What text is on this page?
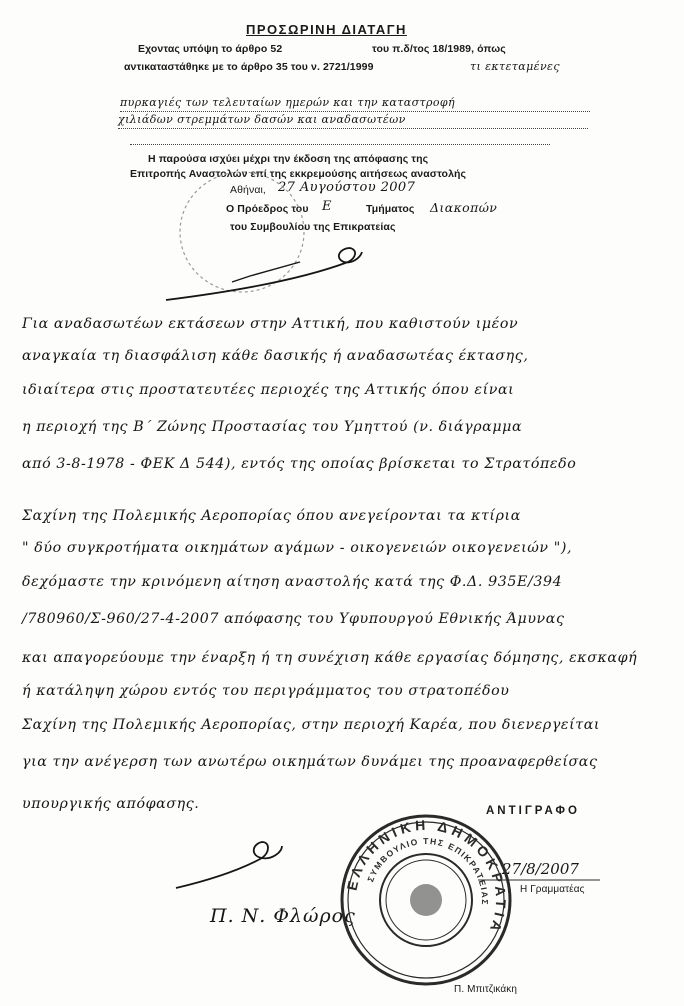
ΠΡΟΣΩΡΙΝΗ ΔΙΑΤΑΓΗ
Εχοντας υπόψη το άρθρο 52	του π.δ/τος 18/1989, όπως
αντικαταστάθηκε με το άρθρο 35 του ν. 2721/1999	τι εκτεταμένες
πυρκαγιές των τελευταίων ημερών και την καταστροφή
χιλιάδων στρεμμάτων δασών και αναδασωτέων
Η παρούσα ισχύει μέχρι την έκδοση της απόφασης της
Επιτροπής Αναστολών επί της εκκρεμούσης αιτήσεως αναστολής
Αθήναι, 27 Αυγούστου 2007
Ο Πρόεδρος του Ε	Τμήματος Διακοπών
του Συμβουλίου της Επικρατείας
Για αναδασωτέων εκτάσεων στην Αττική, που καθιστούν ιμέον
αναγκαία τη διασφάλιση κάθε δασικής ή αναδασωτέας έκτασης,
ιδιαίτερα στις προστατευτέες περιοχές της Αττικής όπου είναι
η περιοχή της Β΄ Ζώνης Προστασίας του Υμηττού (ν. διάγραμμα
από 3-8-1978 - ΦΕΚ Δ 544), εντός της οποίας βρίσκεται το Στρατόπεδο
Σαχίνη της Πολεμικής Αεροπορίας όπου ανεγείρονται τα κτίρια
" δύο συγκροτήματα οικημάτων αγάμων - οικογενειών οικογενειών "),
δεχόμαστε την κρινόμενη αίτηση αναστολής κατά της Φ.Δ. 935Ε/394
/780960/Σ-960/27-4-2007 απόφασης του Υφυπουργού Εθνικής Άμυνας
και απαγορεύουμε την έναρξη ή τη συνέχιση κάθε εργασίας δόμησης, εκσκαφή
ή κατάληψη χώρου εντός του περιγράμματος του στρατοπέδου
Σαχίνη της Πολεμικής Αεροπορίας, στην περιοχή Καρέα, που διενεργείται
για την ανέγερση των ανωτέρω οικημάτων δυνάμει της προαναφερθείσας
υπουργικής απόφασης.
Π. Ν. Φλώρος
ΑΝΤΙΓΡΑΦΟ
27/8/2007
Η Γραμματέας
Π. Μπιτζικάκη
ΕΛΛΗΝΙΚΗ ΔΗΜΟΚΡΑΤΙΑ
ΣΥΜΒΟΥΛΙΟ ΤΗΣ ΕΠΙΚΡΑΤΕΙΑΣ
